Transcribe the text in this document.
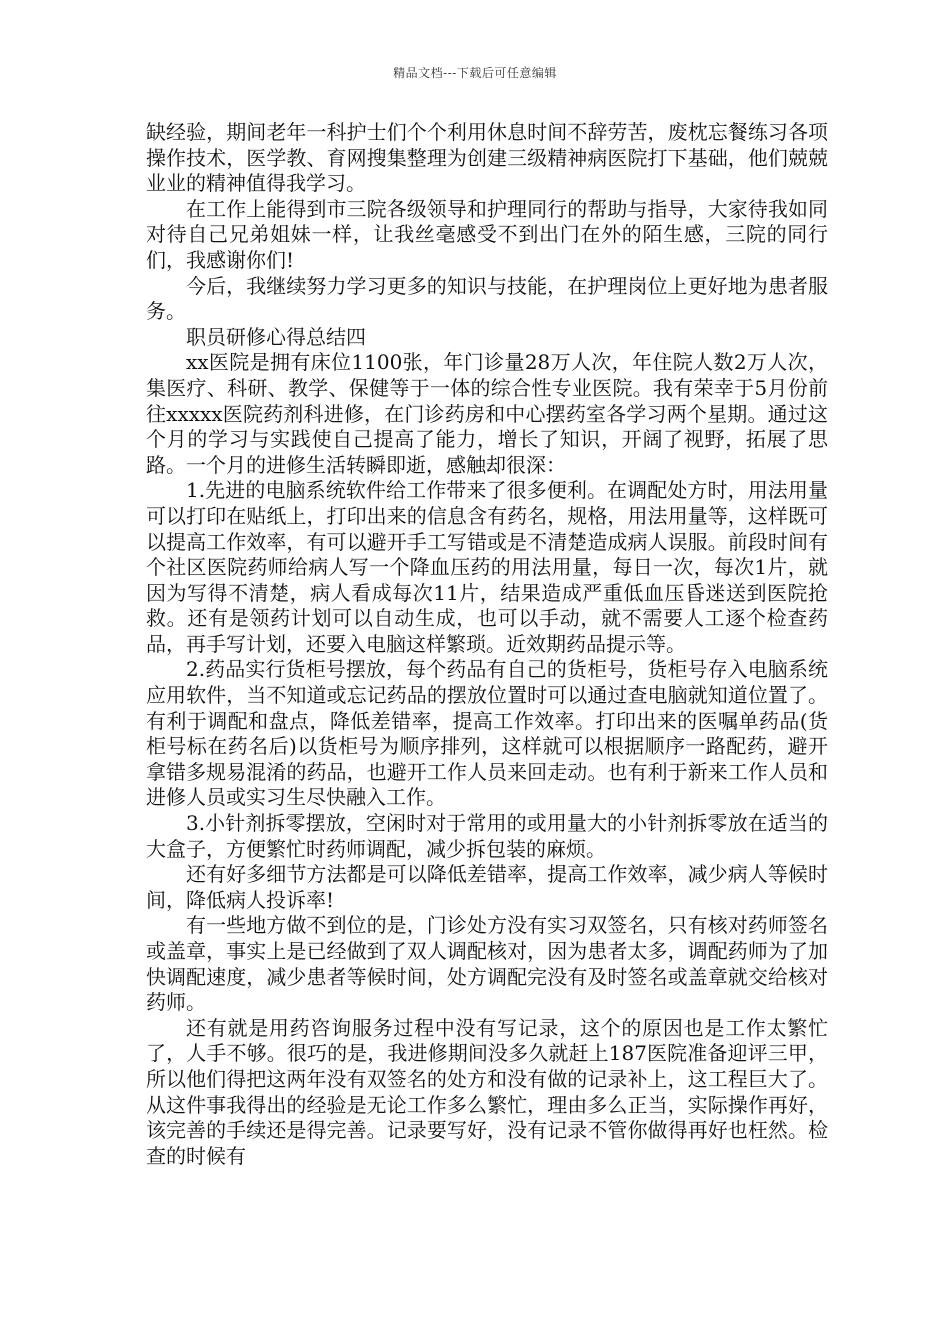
精品文档---下载后可任意编辑

缺经验，期间老年一科护士们个个利用休息时间不辞劳苦，废枕忘餐练习各项操作技术，医学教、育网搜集整理为创建三级精神病医院打下基础，他们兢兢业业的精神值得我学习。

在工作上能得到市三院各级领导和护理同行的帮助与指导，大家待我如同对待自己兄弟姐妹一样，让我丝毫感受不到出门在外的陌生感，三院的同行们，我感谢你们!

今后，我继续努力学习更多的知识与技能，在护理岗位上更好地为患者服务。

职员研修心得总结四

xx医院是拥有床位1100张，年门诊量28万人次，年住院人数2万人次，集医疗、科研、教学、保健等于一体的综合性专业医院。我有荣幸于5月份前往xxxxx医院药剂科进修，在门诊药房和中心摆药室各学习两个星期。通过这个月的学习与实践使自己提高了能力，增长了知识，开阔了视野，拓展了思路。一个月的进修生活转瞬即逝，感触却很深：

1.先进的电脑系统软件给工作带来了很多便利。在调配处方时，用法用量可以打印在贴纸上，打印出来的信息含有药名，规格，用法用量等，这样既可以提高工作效率，有可以避开手工写错或是不清楚造成病人误服。前段时间有个社区医院药师给病人写一个降血压药的用法用量，每日一次，每次1片，就因为写得不清楚，病人看成每次11片，结果造成严重低血压昏迷送到医院抢救。还有是领药计划可以自动生成，也可以手动，就不需要人工逐个检查药品，再手写计划，还要入电脑这样繁琐。近效期药品提示等。

2.药品实行货柜号摆放，每个药品有自己的货柜号，货柜号存入电脑系统应用软件，当不知道或忘记药品的摆放位置时可以通过查电脑就知道位置了。有利于调配和盘点，降低差错率，提高工作效率。打印出来的医嘱单药品(货柜号标在药名后)以货柜号为顺序排列，这样就可以根据顺序一路配药，避开拿错多规易混淆的药品，也避开工作人员来回走动。也有利于新来工作人员和进修人员或实习生尽快融入工作。

3.小针剂拆零摆放，空闲时对于常用的或用量大的小针剂拆零放在适当的大盒子，方便繁忙时药师调配，减少拆包装的麻烦。

还有好多细节方法都是可以降低差错率，提高工作效率，减少病人等候时间，降低病人投诉率!

有一些地方做不到位的是，门诊处方没有实习双签名，只有核对药师签名或盖章，事实上是已经做到了双人调配核对，因为患者太多，调配药师为了加快调配速度，减少患者等候时间，处方调配完没有及时签名或盖章就交给核对药师。

还有就是用药咨询服务过程中没有写记录，这个的原因也是工作太繁忙了，人手不够。很巧的是，我进修期间没多久就赶上187医院准备迎评三甲，所以他们得把这两年没有双签名的处方和没有做的记录补上，这工程巨大了。从这件事我得出的经验是无论工作多么繁忙，理由多么正当，实际操作再好，该完善的手续还是得完善。记录要写好，没有记录不管你做得再好也枉然。检查的时候有
